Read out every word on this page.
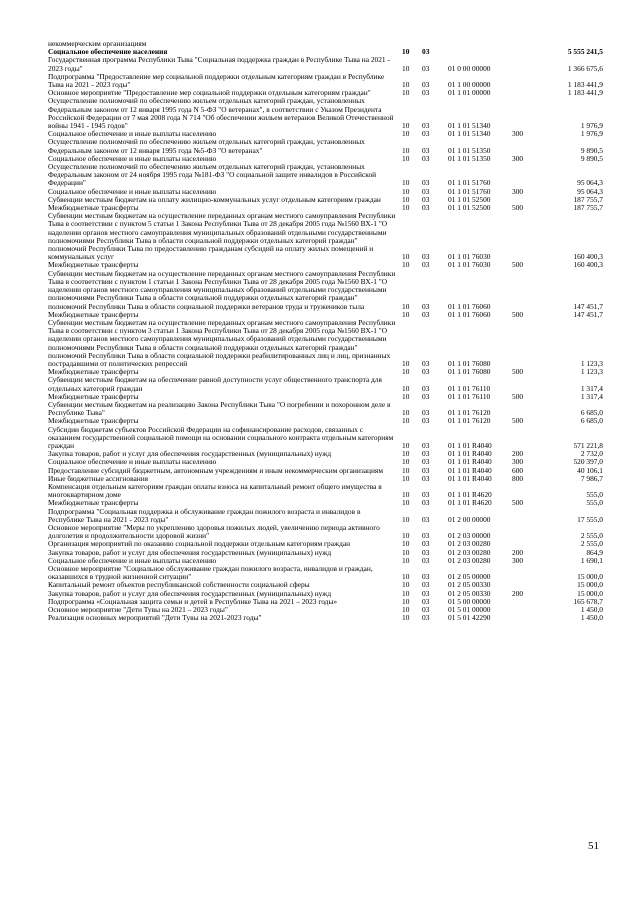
некоммерческим организациям					
Социальное обеспечение населения	10	03			5 555 241,5
Государственная программа Республики Тыва "Социальная поддержка граждан в Республике Тыва на 2021 - 2023 годы"	10	03	01 0 00 00000		1 366 675,6
Подпрограмма "Предоставление мер социальной поддержки отдельным категориям граждан в Республике Тыва на 2021 - 2023 годы"	10	03	01 1 00 00000		1 183 441,9
Основное мероприятие "Предоставление мер социальной поддержки отдельным категориям граждан"	10	03	01 1 01 00000		1 183 441,9
Осуществление полномочий по обеспечению жильем отдельных категорий граждан, установленных Федеральным законом от 12 января 1995 года N 5-ФЗ "О ветеранах", в соответствии с Указом Президента Российской Федерации от 7 мая 2008 года N 714 "Об обеспечении жильем ветеранов Великой Отечественной войны 1941 - 1945 годов"	10	03	01 1 01 51340		1 976,9
Социальное обеспечение и иные выплаты населению	10	03	01 1 01 51340	300	1 976,9
Осуществление полномочий по обеспечению жильем отдельных категорий граждан, установленных Федеральным законом от 12 января 1995 года №5-ФЗ "О ветеранах"	10	03	01 1 01 51350		9 890,5
Социальное обеспечение и иные выплаты населению	10	03	01 1 01 51350	300	9 890,5
Осуществление полномочий по обеспечению жильем отдельных категорий граждан, установленных Федеральным законом от 24 ноября 1995 года №181-ФЗ "О социальной защите инвалидов в Российской Федерации"	10	03	01 1 01 51760		95 064,3
Социальное обеспечение и иные выплаты населению	10	03	01 1 01 51760	300	95 064,3
Субвенции местным бюджетам на оплату жилищно-коммунальных услуг отдельным категориям граждан	10	03	01 1 01 52500		187 755,7
Межбюджетные трансферты	10	03	01 1 01 52500	500	187 755,7
Субвенции местным бюджетам на осуществление переданных органам местного самоуправления Республики Тыва в соответствии с пунктом 5 статьи 1 Закона Республики Тыва от 28 декабря 2005 года №1560 ВХ-1 "О наделении органов местного самоуправления муниципальных образований отдельными государственными полномочиями Республики Тыва в области социальной поддержки отдельных категорий граждан" полномочий Республики Тыва по предоставлению гражданам субсидий на оплату жилых помещений и коммунальных услуг	10	03	01 1 01 76030		160 400,3
Межбюджетные трансферты	10	03	01 1 01 76030	500	160 400,3
Субвенции местным бюджетам на осуществление переданных органам местного самоуправления Республики Тыва в соответствии с пунктом 1 статьи 1 Закона Республики Тыва от 28 декабря 2005 года №1560 ВХ-1 "О наделении органов местного самоуправления муниципальных образований отдельными государственными полномочиями Республики Тыва в области социальной поддержки отдельных категорий граждан" полномочий Республики Тыва в области социальной поддержки ветеранов труда и тружеников тыла	10	03	01 1 01 76060		147 451,7
Межбюджетные трансферты	10	03	01 1 01 76060	500	147 451,7
Субвенции местным бюджетам на осуществление переданных органам местного самоуправления Республики Тыва в соответствии с пунктом 3 статьи 1 Закона Республики Тыва от 28 декабря 2005 года №1560 ВХ-1 "О наделении органов местного самоуправления муниципальных образований отдельными государственными полномочиями Республики Тыва в области социальной поддержки отдельных категорий граждан" полномочий Республики Тыва в области социальной поддержки реабилитированных лиц и лиц, признанных пострадавшими от политических репрессий	10	03	01 1 01 76080		1 123,3
Межбюджетные трансферты	10	03	01 1 01 76080	500	1 123,3
Субвенции местным бюджетам на обеспечение равной доступности услуг общественного транспорта для отдельных категорий граждан	10	03	01 1 01 76110		1 317,4
Межбюджетные трансферты	10	03	01 1 01 76110	500	1 317,4
Субвенции местным бюджетам на реализацию Закона Республики Тыва "О погребении и похоронном деле в Республике Тыва"	10	03	01 1 01 76120		6 685,0
Межбюджетные трансферты	10	03	01 1 01 76120	500	6 685,0
Субсидии бюджетам субъектов Российской Федерации на софинансирование расходов, связанных с оказанием государственной социальной помощи на основании социального контракта отдельным категориям граждан	10	03	01 1 01 R4040		571 221,8
Закупка товаров, работ и услуг для обеспечения государственных (муниципальных) нужд	10	03	01 1 01 R4040	200	2 732,0
Социальное обеспечение и иные выплаты населению	10	03	01 1 01 R4040	300	520 397,0
Предоставление субсидий бюджетным, автономным учреждениям и иным некоммерческим организациям	10	03	01 1 01 R4040	600	40 106,1
Иные бюджетные ассигнования	10	03	01 1 01 R4040	800	7 986,7
Компенсация отдельным категориям граждан оплаты взноса на капитальный ремонт общего имущества в многоквартирном доме	10	03	01 1 01 R4620		555,0
Межбюджетные трансферты	10	03	01 1 01 R4620	500	555,0
Подпрограмма "Социальная поддержка и обслуживание граждан пожилого возраста и инвалидов в Республике Тыва на 2021 - 2023 годы"	10	03	01 2 00 00000		17 555,0
Основное мероприятие "Меры по укреплению здоровья пожилых людей, увеличению периода активного долголетия и продолжительности здоровой жизни"	10	03	01 2 03 00000		2 555,0
Организация мероприятий по оказанию социальной поддержки отдельным категориям граждан	10	03	01 2 03 00280		2 555,0
Закупка товаров, работ и услуг для обеспечения государственных (муниципальных) нужд	10	03	01 2 03 00280	200	864,9
Социальное обеспечение и иные выплаты населению	10	03	01 2 03 00280	300	1 690,1
Основное мероприятие "Социальное обслуживание граждан пожилого возраста, инвалидов и граждан, оказавшихся в трудной жизненной ситуации"	10	03	01 2 05 00000		15 000,0
Капитальный ремонт объектов республиканской собственности социальной сферы	10	03	01 2 05 00330		15 000,0
Закупка товаров, работ и услуг для обеспечения государственных (муниципальных) нужд	10	03	01 2 05 00330	200	15 000,0
Подпрограмма «Социальная защита семьи и детей в Республике Тыва на 2021 – 2023 годы»	10	03	01 5 00 00000		165 678,7
Основное мероприятие "Дети Тувы на 2021 – 2023 годы"	10	03	01 5 01 00000		1 450,0
Реализация основных мероприятий "Дети Тувы на 2021-2023 годы"	10	03	01 5 01 42290		1 450,0
51
